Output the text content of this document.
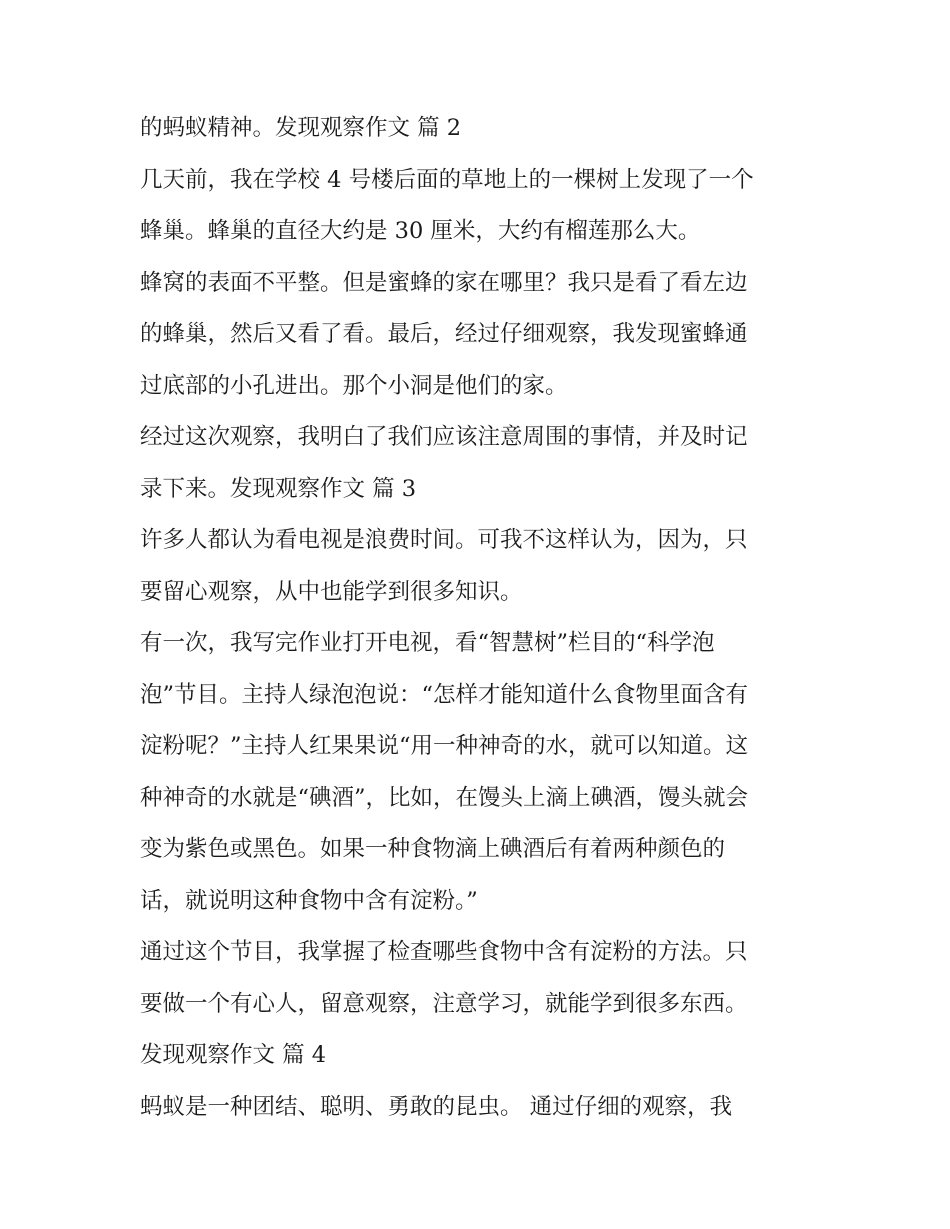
的蚂蚁精神。发现观察作文 篇 2
几天前，我在学校 4 号楼后面的草地上的一棵树上发现了一个
蜂巢。蜂巢的直径大约是 30 厘米，大约有榴莲那么大。
蜂窝的表面不平整。但是蜜蜂的家在哪里？我只是看了看左边
的蜂巢，然后又看了看。最后，经过仔细观察，我发现蜜蜂通
过底部的小孔进出。那个小洞是他们的家。
经过这次观察，我明白了我们应该注意周围的事情，并及时记
录下来。发现观察作文 篇 3
许多人都认为看电视是浪费时间。可我不这样认为，因为，只
要留心观察，从中也能学到很多知识。
有一次，我写完作业打开电视，看“智慧树”栏目的“科学泡
泡”节目。主持人绿泡泡说：“怎样才能知道什么食物里面含有
淀粉呢？”主持人红果果说“用一种神奇的水，就可以知道。这
种神奇的水就是“碘酒”，比如，在馒头上滴上碘酒，馒头就会
变为紫色或黑色。如果一种食物滴上碘酒后有着两种颜色的
话，就说明这种食物中含有淀粉。”
通过这个节目，我掌握了检查哪些食物中含有淀粉的方法。只
要做一个有心人，留意观察，注意学习，就能学到很多东西。
发现观察作文 篇 4
蚂蚁是一种团结、聪明、勇敢的昆虫。 通过仔细的观察，我
